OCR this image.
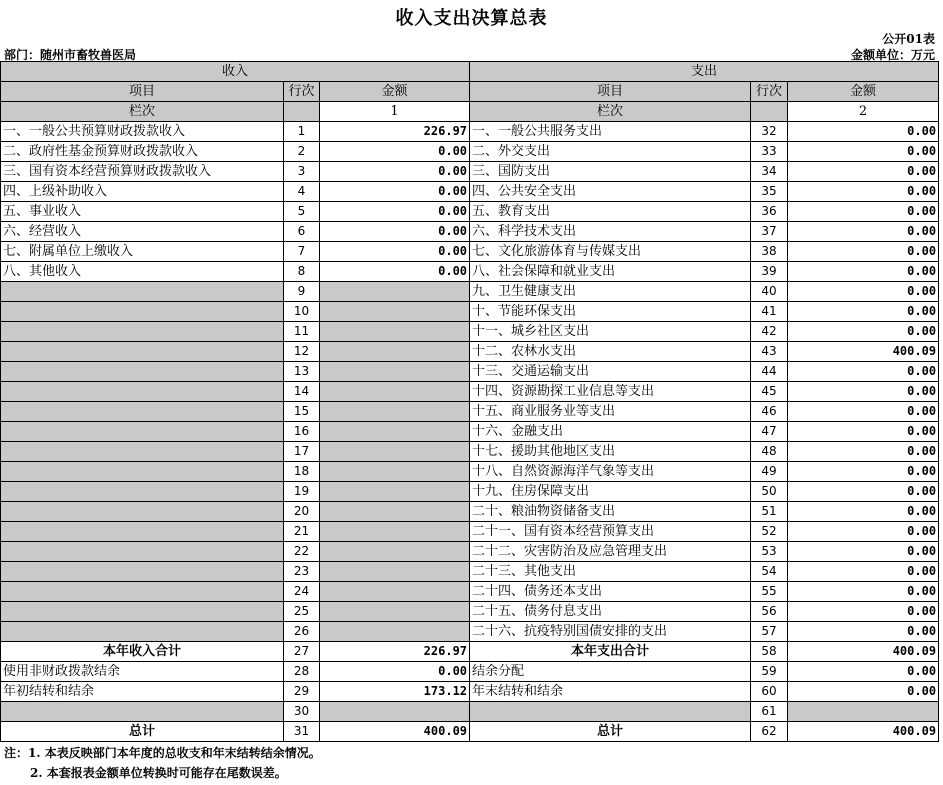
收入支出决算总表
公开01表
部门：随州市畜牧兽医局	金额单位：万元
收入			支出		
项目	行次	金额	项目	行次	金额
栏次		1	栏次		2
一、一般公共预算财政拨款收入	1	226.97	一、一般公共服务支出	32	0.00
二、政府性基金预算财政拨款收入	2	0.00	二、外交支出	33	0.00
三、国有资本经营预算财政拨款收入	3	0.00	三、国防支出	34	0.00
四、上级补助收入	4	0.00	四、公共安全支出	35	0.00
五、事业收入	5	0.00	五、教育支出	36	0.00
六、经营收入	6	0.00	六、科学技术支出	37	0.00
七、附属单位上缴收入	7	0.00	七、文化旅游体育与传媒支出	38	0.00
八、其他收入	8	0.00	八、社会保障和就业支出	39	0.00
	9		九、卫生健康支出	40	0.00
	10		十、节能环保支出	41	0.00
	11		十一、城乡社区支出	42	0.00
	12		十二、农林水支出	43	400.09
	13		十三、交通运输支出	44	0.00
	14		十四、资源勘探工业信息等支出	45	0.00
	15		十五、商业服务业等支出	46	0.00
	16		十六、金融支出	47	0.00
	17		十七、援助其他地区支出	48	0.00
	18		十八、自然资源海洋气象等支出	49	0.00
	19		十九、住房保障支出	50	0.00
	20		二十、粮油物资储备支出	51	0.00
	21		二十一、国有资本经营预算支出	52	0.00
	22		二十二、灾害防治及应急管理支出	53	0.00
	23		二十三、其他支出	54	0.00
	24		二十四、债务还本支出	55	0.00
	25		二十五、债务付息支出	56	0.00
	26		二十六、抗疫特别国债安排的支出	57	0.00
本年收入合计	27	226.97	本年支出合计	58	400.09
使用非财政拨款结余	28	0.00	结余分配	59	0.00
年初结转和结余	29	173.12	年末结转和结余	60	0.00
	30			61	
总计	31	400.09	总计	62	400.09
注：1. 本表反映部门本年度的总收支和年末结转结余情况。
2. 本套报表金额单位转换时可能存在尾数误差。
